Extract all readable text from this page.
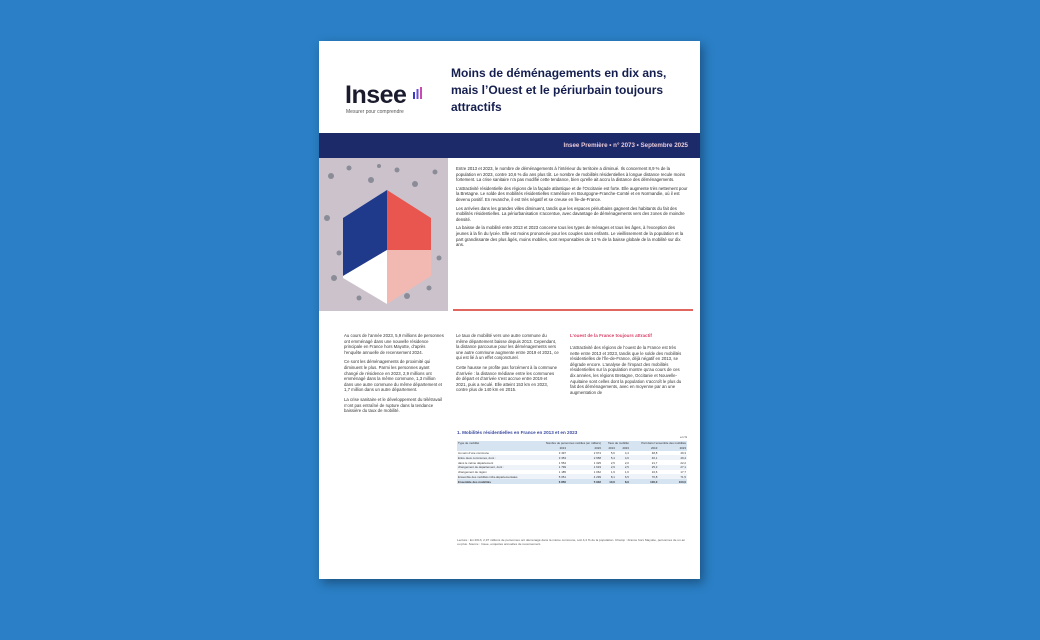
Insee
Mesurer pour comprendre
Moins de déménagements en dix ans, mais l’Ouest et le périurbain toujours attractifs
Insee Première • n° 2073 • Septembre 2025

Entre 2013 et 2023, le nombre de déménagements à l’intérieur du territoire a diminué. Ils concernent 8,9 % de la population en 2023, contre 10,6 % dix ans plus tôt. Le nombre de mobilités résidentielles à longue distance recule moins fortement. La crise sanitaire n’a pas modifié cette tendance, bien qu’elle ait accru la distance des déménagements.

L’attractivité résidentielle des régions de la façade atlantique et de l’Occitanie est forte. Elle augmente très nettement pour la Bretagne. Le solde des mobilités résidentielles s’améliore en Bourgogne-Franche-Comté et en Normandie, où il est devenu positif. En revanche, il est très négatif et se creuse en Île-de-France.

Les arrivées dans les grandes villes diminuent, tandis que les espaces périurbains gagnent des habitants du fait des mobilités résidentielles. La périurbanisation s’accentue, avec davantage de déménagements vers des zones de moindre densité.

La baisse de la mobilité entre 2013 et 2023 concerne tous les types de ménages et tous les âges, à l’exception des jeunes à la fin du lycée. Elle est moins prononcée pour les couples sans enfants. Le vieillissement de la population et la part grandissante des plus âgés, moins mobiles, sont responsables de 14 % de la baisse globale de la mobilité sur dix ans.

Au cours de l’année 2023, 5,9 millions de personnes ont emménagé dans une nouvelle résidence principale en France hors Mayotte, d’après l’enquête annuelle de recensement 2024.

Ce sont les déménagements de proximité qui diminuent le plus. Parmi les personnes ayant changé de résidence en 2023, 2,9 millions ont emménagé dans la même commune, 1,3 million dans une autre commune du même département et 1,7 million dans un autre département.

La crise sanitaire et le développement du télétravail n’ont pas entraîné de rupture dans la tendance baissière du taux de mobilité.

Le taux de mobilité vers une autre commune du même département baisse depuis 2013. Cependant, la distance parcourue pour les déménagements vers une autre commune augmente entre 2019 et 2021, ce qui est lié à un effet conjoncturel.

Cette hausse ne profite pas forcément à la commune d’arrivée : la distance médiane entre les communes de départ et d’arrivée s’est accrue entre 2019 et 2021, puis a reculé. Elle atteint 153 km en 2023, contre plus de 140 km en 2015.

L’ouest de la France toujours attractif

L’attractivité des régions de l’ouest de la France est très nette entre 2013 et 2023, tandis que le solde des mobilités résidentielles de l’Île-de-France, déjà négatif en 2013, se dégrade encore. L’analyse de l’impact des mobilités résidentielles sur la population montre qu’au cours de ces dix années, les régions Bretagne, Occitanie et Nouvelle-Aquitaine sont celles dont la population s’accroît le plus du fait des déménagements, avec en moyenne par an une augmentation de

1. Mobilités résidentielles en France en 2013 et en 2023
en %
Type de mobilité	Nombre de personnes mobiles (en milliers)		Taux de mobilité		Part dans l’ensemble des mobilités	
	2013	2023	2013	2023	2013	2023
Au sein d’une commune	3 497	2 974	5,6	4,4	48,8	49,3
Entre deux communes, dont :	3 353	2 958	5,4	4,6	46,1	49,4
dans le même département	1 554	1 325	2,5	2,0	21,7	22,2
changement de département, dont :	1 799	1 633	2,9	2,5	25,3	27,1
changement de région	1 185	1 062	1,9	1,6	16,6	17,7
Ensemble des mobilités infra-départementales	5 051	4 299	8,1	6,5	70,8	71,5
Ensemble des mobilités	6 850	5 932	10,6	8,9	100,0	100,0
Lecture : En 2013, 2,97 millions de personnes ont déménagé dans la même commune, soit 4,4 % de la population. Champ : France hors Mayotte, personnes de un an ou plus. Source : Insee, enquêtes annuelles de recensement.
